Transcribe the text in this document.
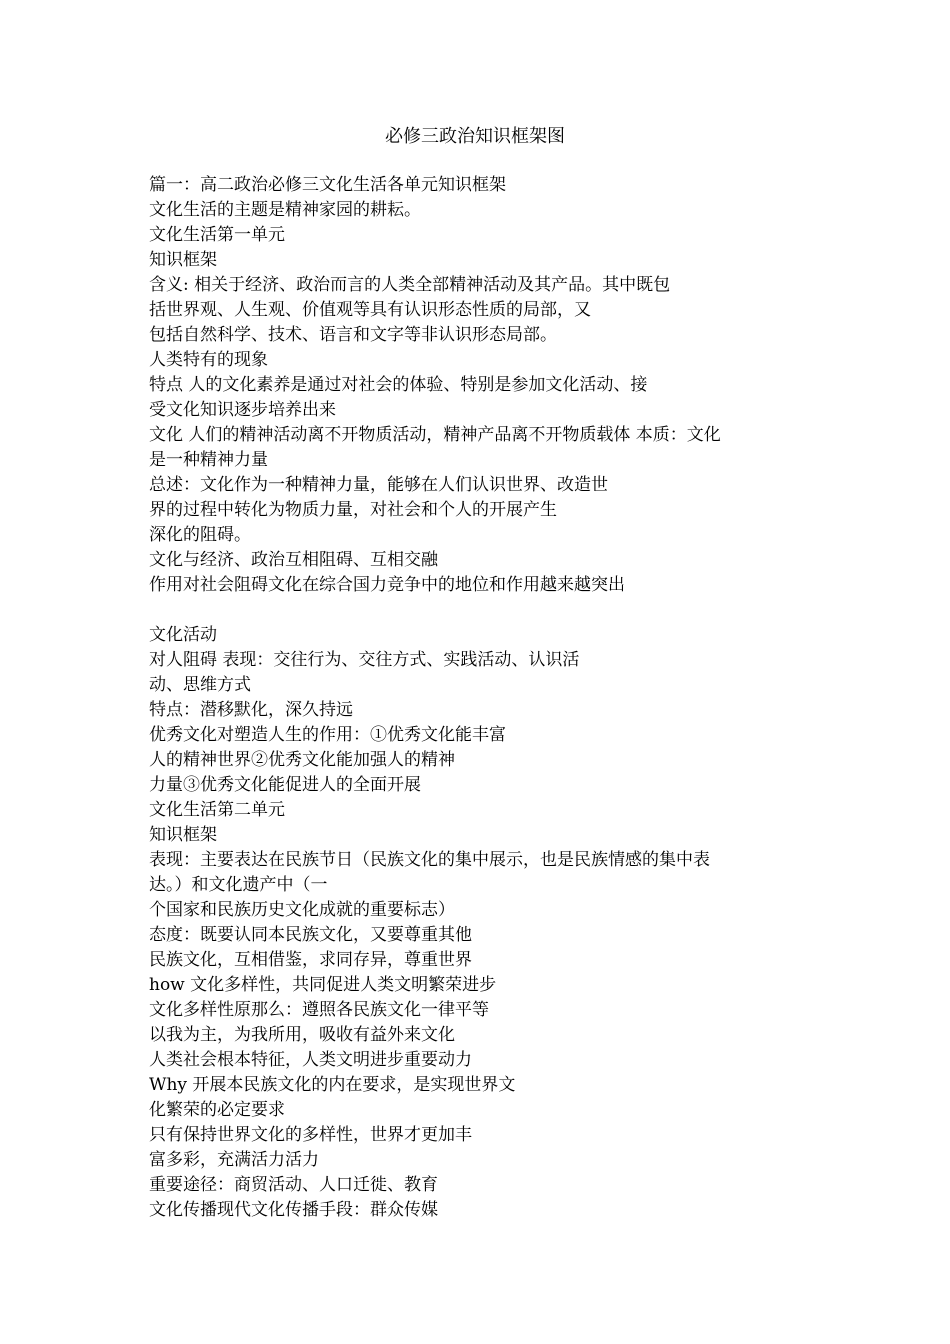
必修三政治知识框架图
篇一：高二政治必修三文化生活各单元知识框架
文化生活的主题是精神家园的耕耘。
文化生活第一单元
知识框架
含义: 相关于经济、政治而言的人类全部精神活动及其产品。其中既包
括世界观、人生观、价值观等具有认识形态性质的局部，又
包括自然科学、技术、语言和文字等非认识形态局部。
人类特有的现象
特点 人的文化素养是通过对社会的体验、特别是参加文化活动、接
受文化知识逐步培养出来
文化 人们的精神活动离不开物质活动，精神产品离不开物质载体 本质：文化
是一种精神力量
总述：文化作为一种精神力量，能够在人们认识世界、改造世
界的过程中转化为物质力量，对社会和个人的开展产生
深化的阻碍。
文化与经济、政治互相阻碍、互相交融
作用对社会阻碍文化在综合国力竞争中的地位和作用越来越突出
文化活动
对人阻碍 表现：交往行为、交往方式、实践活动、认识活
动、思维方式
特点：潜移默化，深久持远
优秀文化对塑造人生的作用：①优秀文化能丰富
人的精神世界②优秀文化能加强人的精神
力量③优秀文化能促进人的全面开展
文化生活第二单元
知识框架
表现：主要表达在民族节日（民族文化的集中展示，也是民族情感的集中表
达。）和文化遗产中（一
个国家和民族历史文化成就的重要标志）
态度：既要认同本民族文化，又要尊重其他
民族文化，互相借鉴，求同存异，尊重世界
how 文化多样性，共同促进人类文明繁荣进步
文化多样性原那么：遵照各民族文化一律平等
以我为主，为我所用，吸收有益外来文化
人类社会根本特征，人类文明进步重要动力
Why 开展本民族文化的内在要求，是实现世界文
化繁荣的必定要求
只有保持世界文化的多样性，世界才更加丰
富多彩，充满活力活力
重要途径：商贸活动、人口迁徙、教育
文化传播现代文化传播手段：群众传媒
